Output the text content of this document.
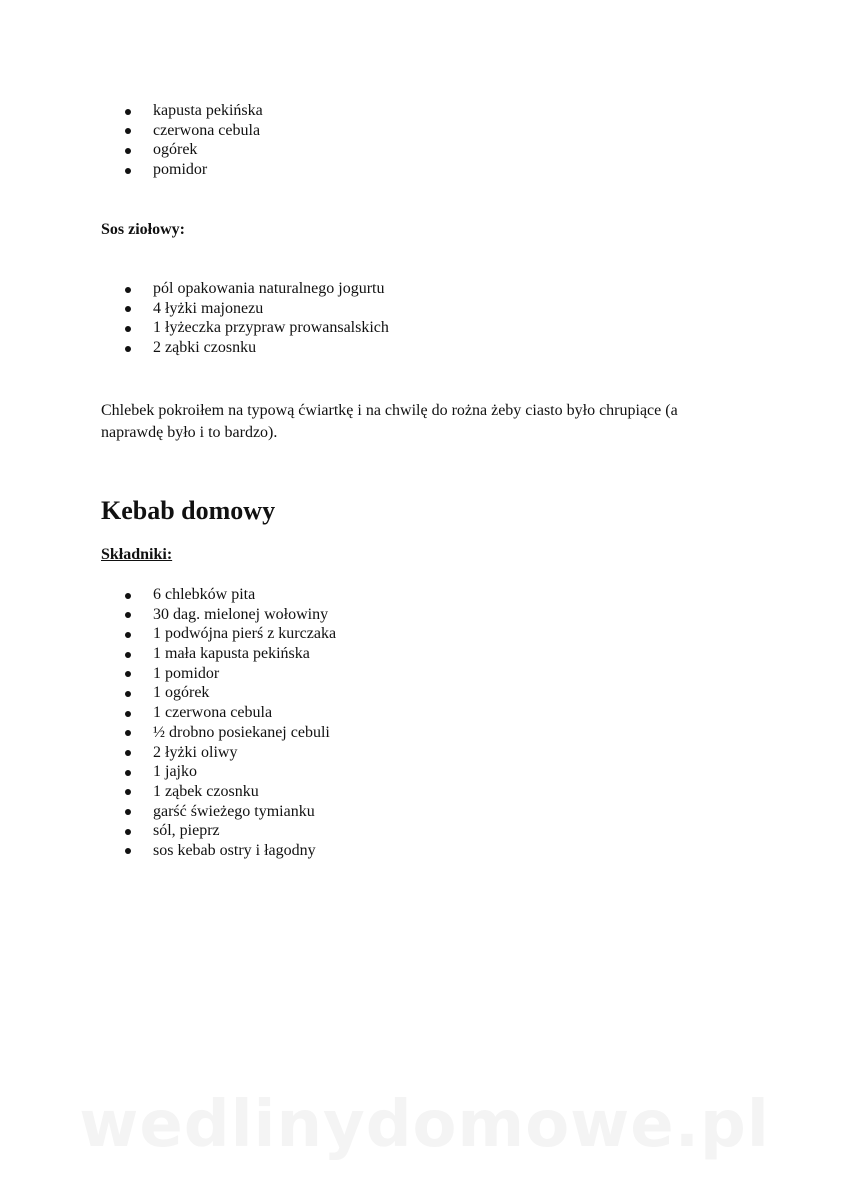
kapusta pekińska
czerwona cebula
ogórek
pomidor
Sos ziołowy:
pól opakowania naturalnego jogurtu
4 łyżki majonezu
1 łyżeczka przypraw prowansalskich
2 ząbki czosnku

Chlebek pokroiłem na typową ćwiartkę i na chwilę do rożna żeby ciasto było chrupiące (a naprawdę było i to bardzo).

Kebab domowy
Składniki:
6 chlebków pita
30 dag. mielonej wołowiny
1 podwójna pierś z kurczaka
1 mała kapusta pekińska
1 pomidor
1 ogórek
1 czerwona cebula
½ drobno posiekanej cebuli
2 łyżki oliwy
1 jajko
1 ząbek czosnku
garść świeżego tymianku
sól, pieprz
sos kebab ostry i łagodny
wedlinydomowe.pl
